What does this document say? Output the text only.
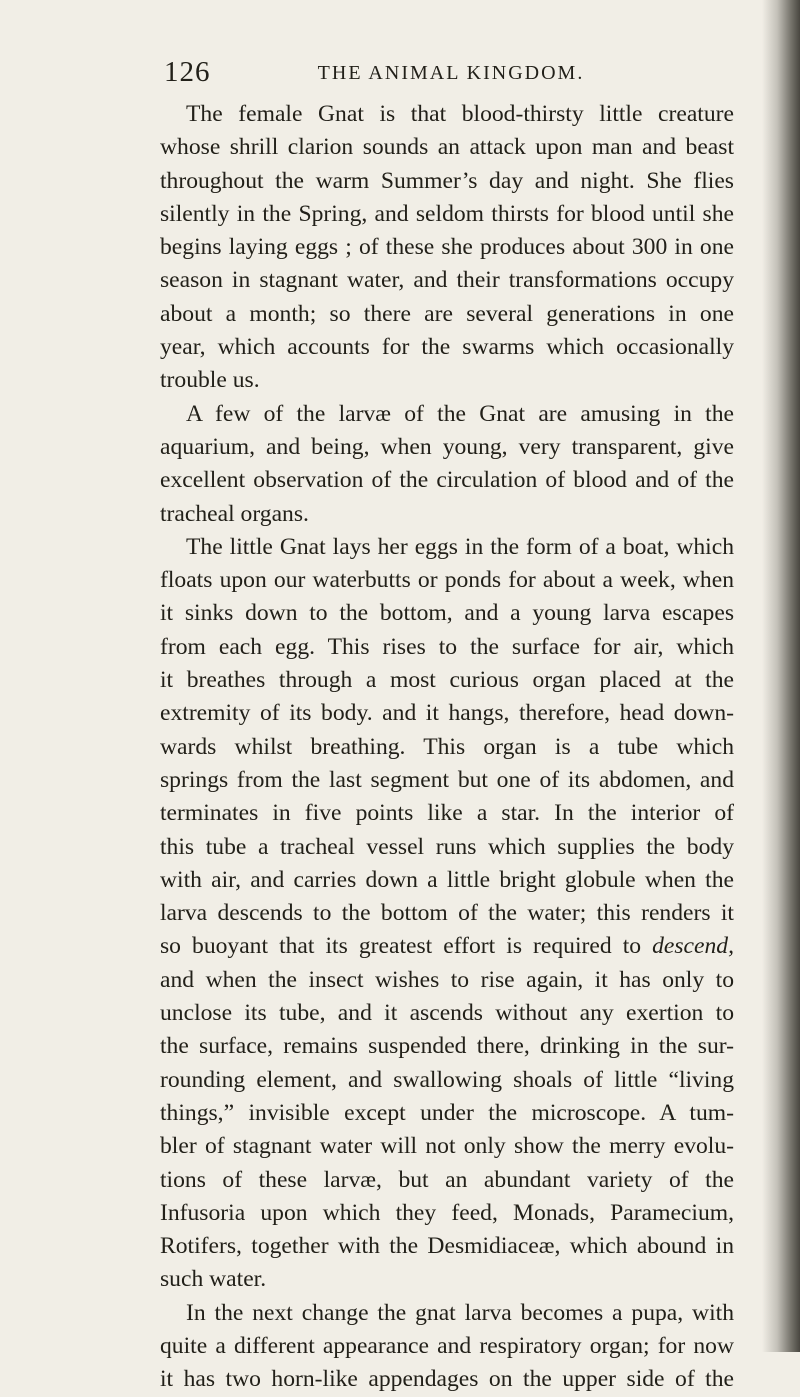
126	THE ANIMAL KINGDOM.
The female Gnat is that blood-thirsty little creature
whose shrill clarion sounds an attack upon man and beast
throughout the warm Summer’s day and night. She flies
silently in the Spring, and seldom thirsts for blood until she
begins laying eggs ; of these she produces about 300 in one
season in stagnant water, and their transformations occupy
about a month; so there are several generations in one
year, which accounts for the swarms which occasionally
trouble us.
A few of the larvæ of the Gnat are amusing in the
aquarium, and being, when young, very transparent, give
excellent observation of the circulation of blood and of the
tracheal organs.
The little Gnat lays her eggs in the form of a boat, which
floats upon our waterbutts or ponds for about a week, when
it sinks down to the bottom, and a young larva escapes
from each egg. This rises to the surface for air, which
it breathes through a most curious organ placed at the
extremity of its body. and it hangs, therefore, head down-
wards whilst breathing. This organ is a tube which
springs from the last segment but one of its abdomen, and
terminates in five points like a star. In the interior of
this tube a tracheal vessel runs which supplies the body
with air, and carries down a little bright globule when the
larva descends to the bottom of the water; this renders it
so buoyant that its greatest effort is required to descend,
and when the insect wishes to rise again, it has only to
unclose its tube, and it ascends without any exertion to
the surface, remains suspended there, drinking in the sur-
rounding element, and swallowing shoals of little “living
things,” invisible except under the microscope. A tum-
bler of stagnant water will not only show the merry evolu-
tions of these larvæ, but an abundant variety of the
Infusoria upon which they feed, Monads, Paramecium,
Rotifers, together with the Desmidiaceæ, which abound in
such water.
In the next change the gnat larva becomes a pupa, with
quite a different appearance and respiratory organ; for now
it has two horn-like appendages on the upper side of the
